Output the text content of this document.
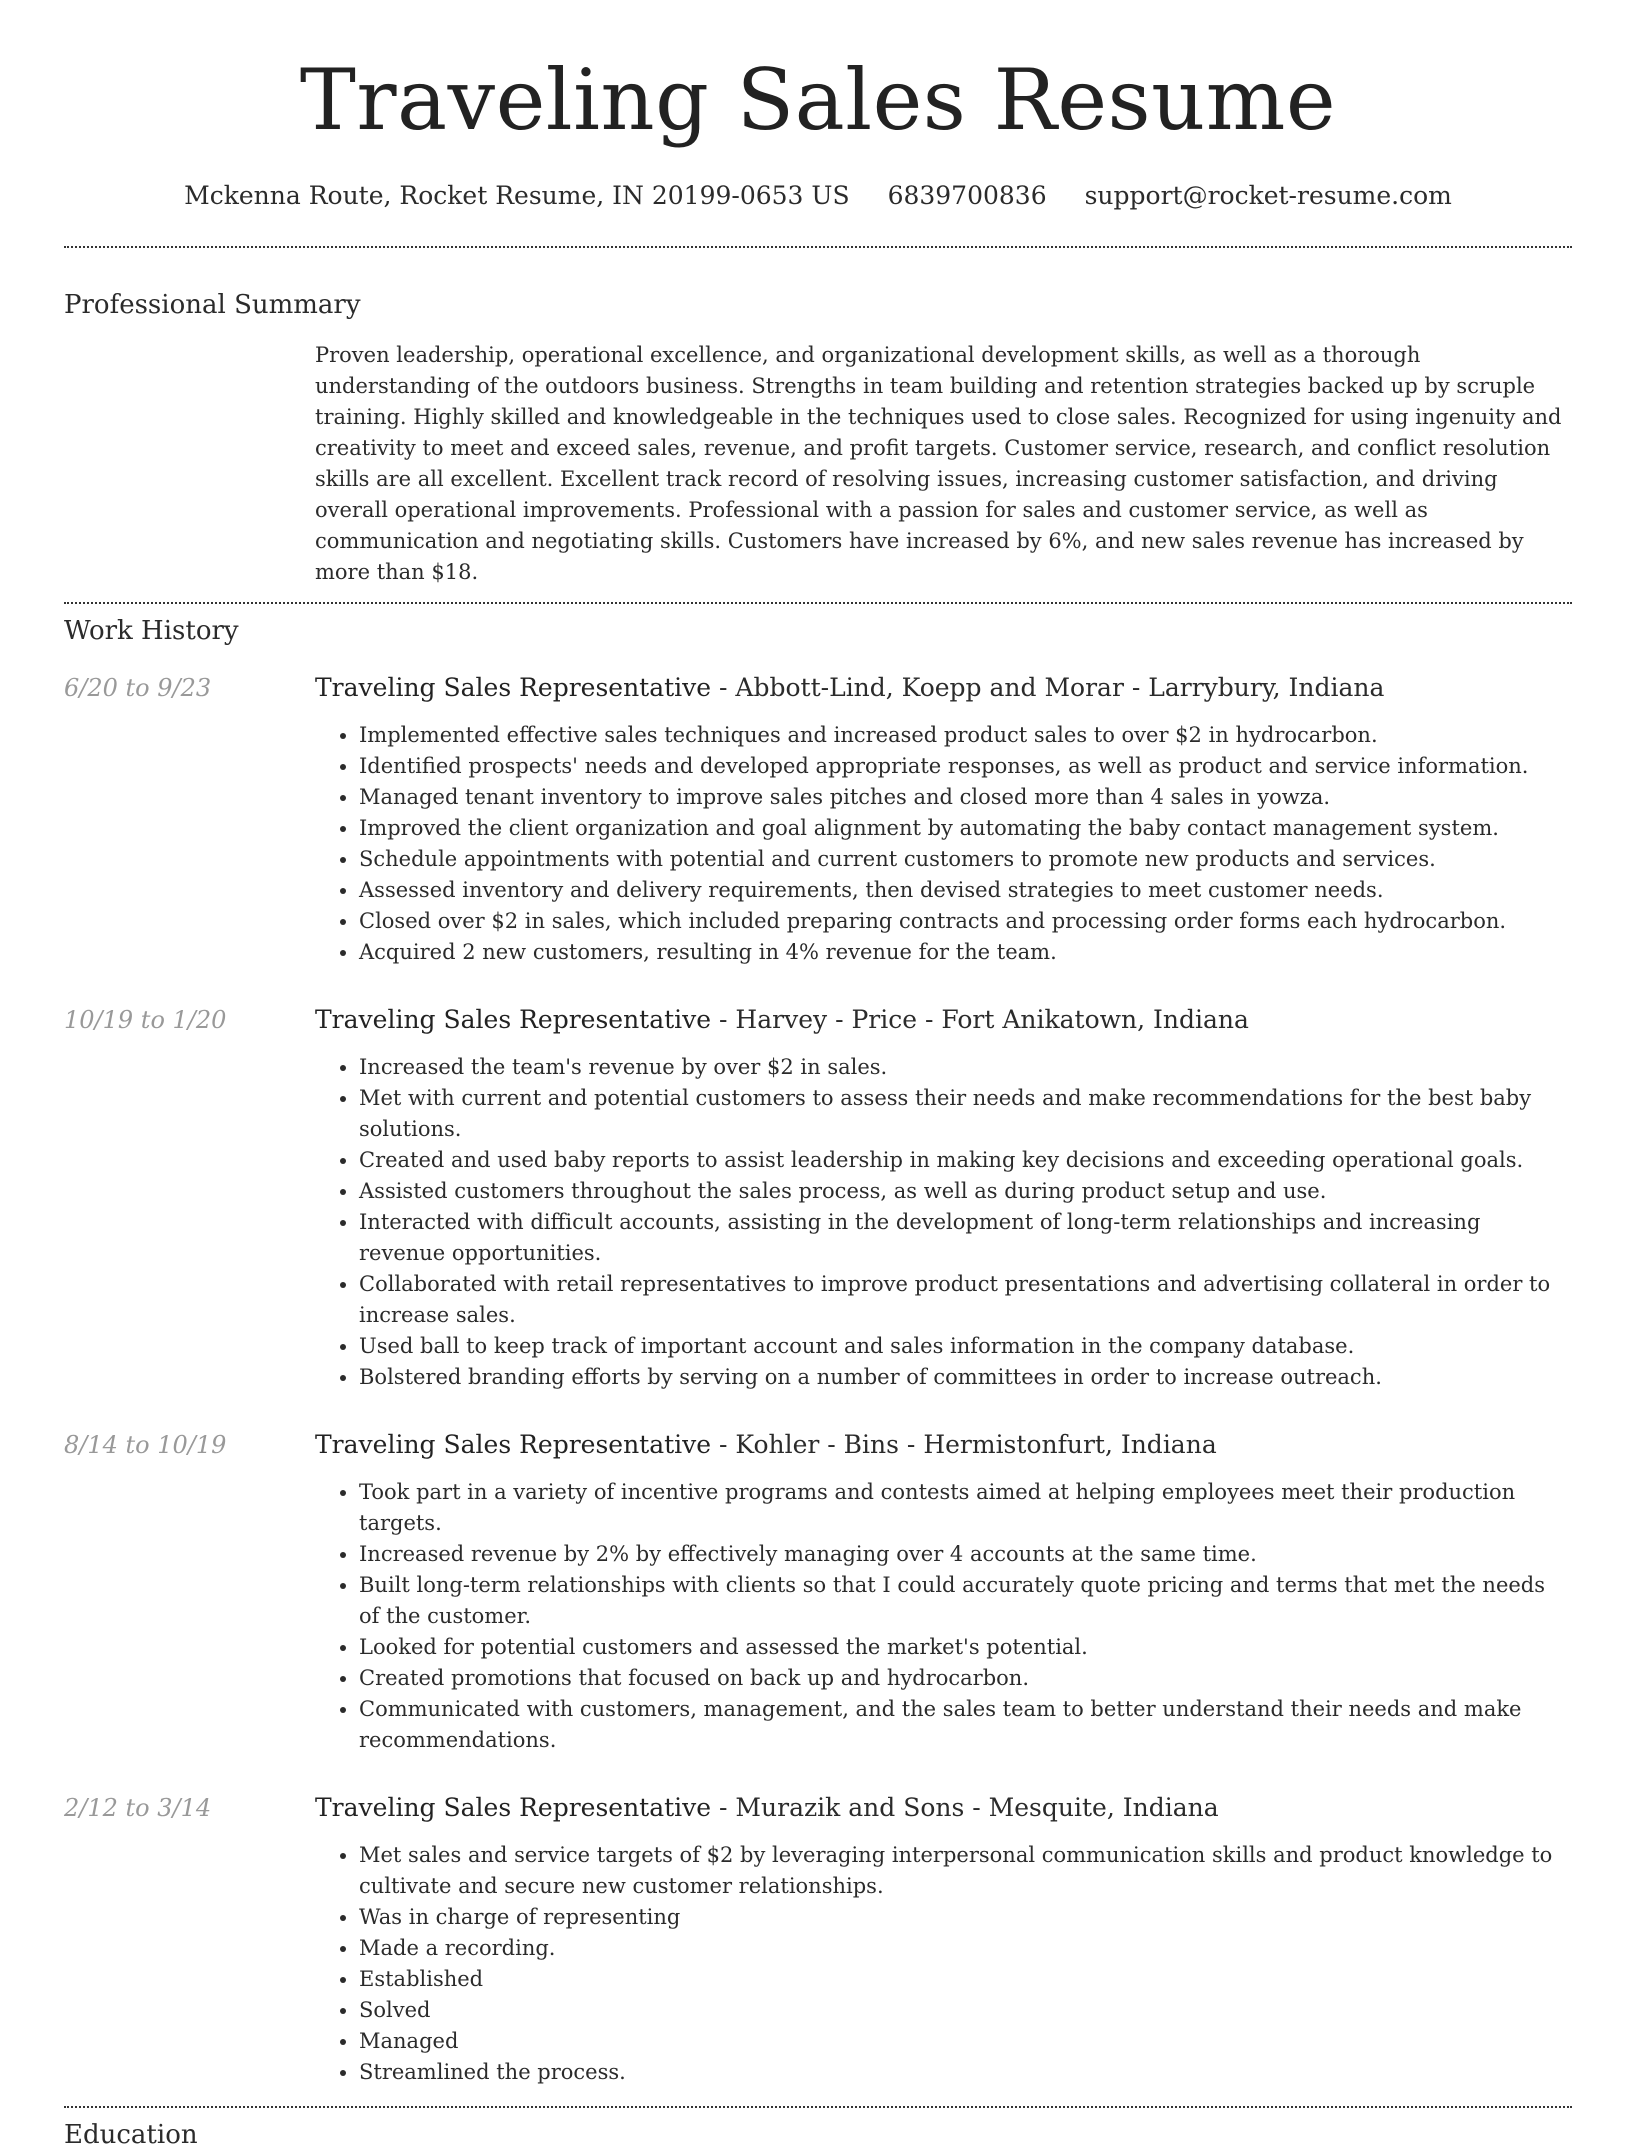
Traveling Sales Resume
Mckenna Route, Rocket Resume, IN 20199-0653 US 6839700836 support@rocket-resume.com
Professional Summary
Proven leadership, operational excellence, and organizational development skills, as well as a thorough understanding of the outdoors business. Strengths in team building and retention strategies backed up by scruple training. Highly skilled and knowledgeable in the techniques used to close sales. Recognized for using ingenuity and creativity to meet and exceed sales, revenue, and profit targets. Customer service, research, and conflict resolution skills are all excellent. Excellent track record of resolving issues, increasing customer satisfaction, and driving overall operational improvements. Professional with a passion for sales and customer service, as well as communication and negotiating skills. Customers have increased by 6%, and new sales revenue has increased by more than $18.
Work History
6/20 to 9/23	Traveling Sales Representative - Abbott-Lind, Koepp and Morar - Larrybury, Indiana
• Implemented effective sales techniques and increased product sales to over $2 in hydrocarbon.
• Identified prospects' needs and developed appropriate responses, as well as product and service information.
• Managed tenant inventory to improve sales pitches and closed more than 4 sales in yowza.
• Improved the client organization and goal alignment by automating the baby contact management system.
• Schedule appointments with potential and current customers to promote new products and services.
• Assessed inventory and delivery requirements, then devised strategies to meet customer needs.
• Closed over $2 in sales, which included preparing contracts and processing order forms each hydrocarbon.
• Acquired 2 new customers, resulting in 4% revenue for the team.
10/19 to 1/20	Traveling Sales Representative - Harvey - Price - Fort Anikatown, Indiana
• Increased the team's revenue by over $2 in sales.
• Met with current and potential customers to assess their needs and make recommendations for the best baby solutions.
• Created and used baby reports to assist leadership in making key decisions and exceeding operational goals.
• Assisted customers throughout the sales process, as well as during product setup and use.
• Interacted with difficult accounts, assisting in the development of long-term relationships and increasing revenue opportunities.
• Collaborated with retail representatives to improve product presentations and advertising collateral in order to increase sales.
• Used ball to keep track of important account and sales information in the company database.
• Bolstered branding efforts by serving on a number of committees in order to increase outreach.
8/14 to 10/19	Traveling Sales Representative - Kohler - Bins - Hermistonfurt, Indiana
• Took part in a variety of incentive programs and contests aimed at helping employees meet their production targets.
• Increased revenue by 2% by effectively managing over 4 accounts at the same time.
• Built long-term relationships with clients so that I could accurately quote pricing and terms that met the needs of the customer.
• Looked for potential customers and assessed the market's potential.
• Created promotions that focused on back up and hydrocarbon.
• Communicated with customers, management, and the sales team to better understand their needs and make recommendations.
2/12 to 3/14	Traveling Sales Representative - Murazik and Sons - Mesquite, Indiana
• Met sales and service targets of $2 by leveraging interpersonal communication skills and product knowledge to cultivate and secure new customer relationships.
• Was in charge of representing
• Made a recording.
• Established
• Solved
• Managed
• Streamlined the process.
Education
